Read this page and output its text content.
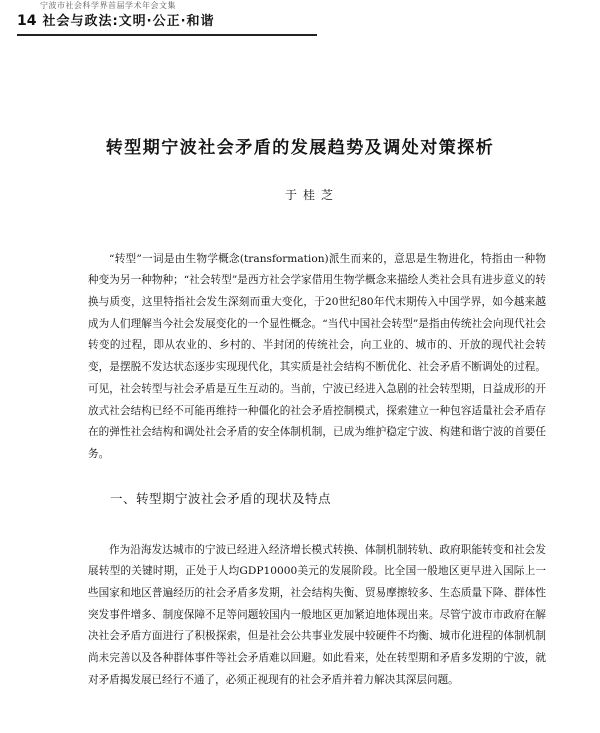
宁波市社会科学界首届学术年会文集
14 社会与政法:文明·公正·和谐
转型期宁波社会矛盾的发展趋势及调处对策探析
于桂芝

“转型”一词是由生物学概念(transformation)派生而来的，意思是生物进化，特指由一种物种变为另一种物种；“社会转型”是西方社会学家借用生物学概念来描绘人类社会具有进步意义的转换与质变，这里特指社会发生深刻而重大变化，于20世纪80年代末期传入中国学界，如今越来越成为人们理解当今社会发展变化的一个显性概念。“当代中国社会转型”是指由传统社会向现代社会转变的过程，即从农业的、乡村的、半封闭的传统社会，向工业的、城市的、开放的现代社会转变，是摆脱不发达状态逐步实现现代化，其实质是社会结构不断优化、社会矛盾不断调处的过程。可见，社会转型与社会矛盾是互生互动的。当前，宁波已经进入急剧的社会转型期，日益成形的开放式社会结构已经不可能再维持一种僵化的社会矛盾控制模式，探索建立一种包容适量社会矛盾存在的弹性社会结构和调处社会矛盾的安全体制机制，已成为维护稳定宁波、构建和谐宁波的首要任务。

一、转型期宁波社会矛盾的现状及特点

作为沿海发达城市的宁波已经进入经济增长模式转换、体制机制转轨、政府职能转变和社会发展转型的关键时期，正处于人均GDP10000美元的发展阶段。比全国一般地区更早进入国际上一些国家和地区普遍经历的社会矛盾多发期，社会结构失衡、贸易摩擦较多、生态质量下降、群体性突发事件增多、制度保障不足等问题较国内一般地区更加紧迫地体现出来。尽管宁波市市政府在解决社会矛盾方面进行了积极探索，但是社会公共事业发展中较硬件不均衡、城市化进程的体制机制尚未完善以及各种群体事件等社会矛盾难以回避。如此看来，处在转型期和矛盾多发期的宁波，就对矛盾揭发展已经行不通了，必须正视现有的社会矛盾并着力解决其深层问题。
